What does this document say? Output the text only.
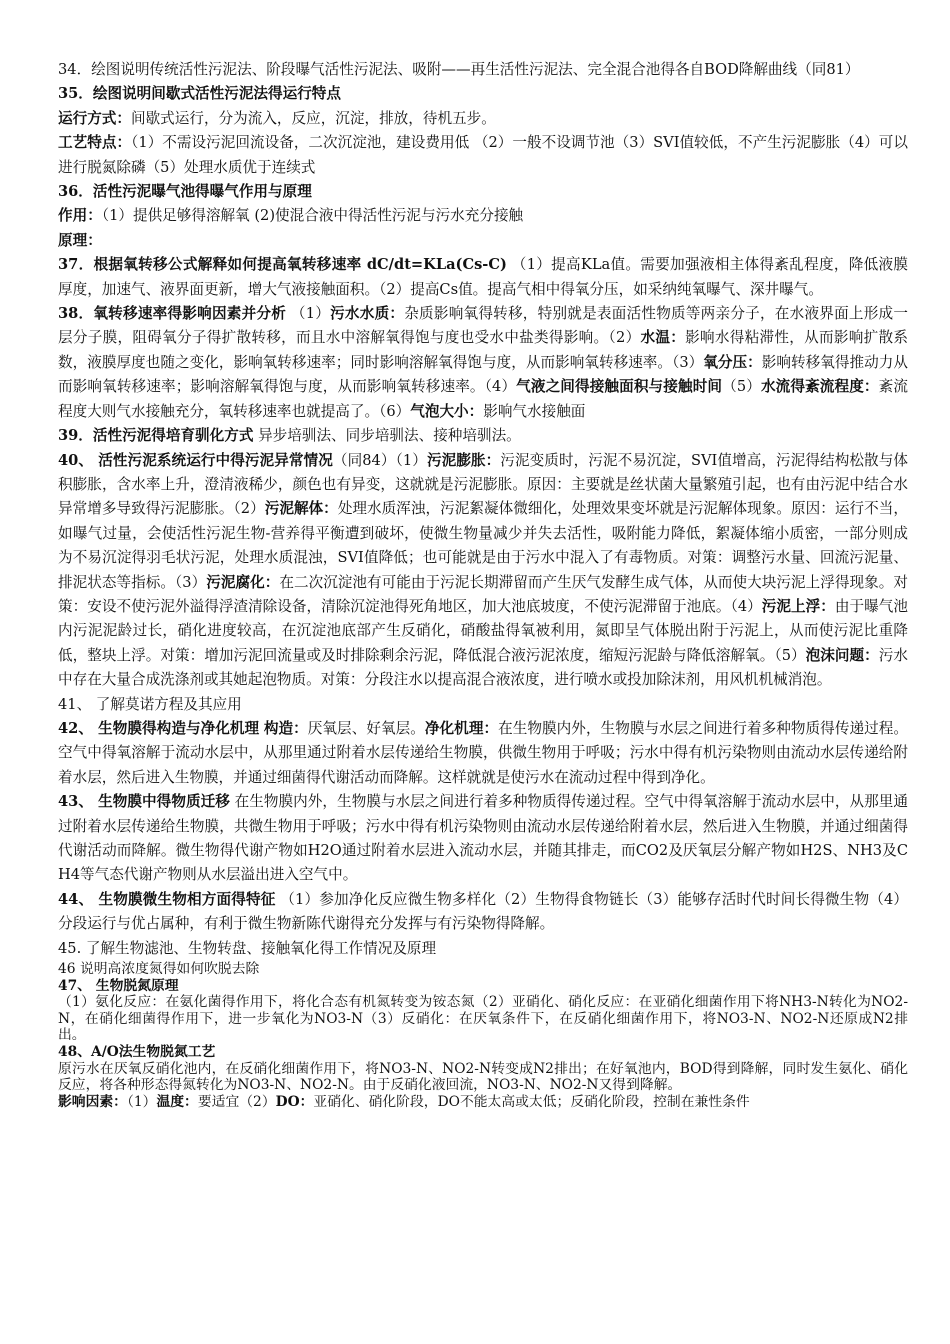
34．绘图说明传统活性污泥法、阶段曝气活性污泥法、吸附——再生活性污泥法、完全混合池得各自BOD降解曲线（同81）

35．绘图说明间歇式活性污泥法得运行特点

运行方式：间歇式运行，分为流入，反应，沉淀，排放，待机五步。

工艺特点：（1）不需设污泥回流设备，二次沉淀池，建设费用低 （2）一般不设调节池（3）SVI值较低，不产生污泥膨胀（4）可以进行脱氮除磷（5）处理水质优于连续式

36．活性污泥曝气池得曝气作用与原理

作用：（1）提供足够得溶解氧 (2)使混合液中得活性污泥与污水充分接触

原理：

37．根据氧转移公式解释如何提高氧转移速率 dC/dt=KLa(Cs-C) （1）提高KLa值。需要加强液相主体得紊乱程度，降低液膜厚度，加速气、液界面更新，增大气液接触面积。（2）提高Cs值。提高气相中得氧分压，如采纳纯氧曝气、深井曝气。

38．氧转移速率得影响因素并分析 （1）污水水质：杂质影响氧得转移，特别就是表面活性物质等两亲分子，在水液界面上形成一层分子膜，阻碍氧分子得扩散转移，而且水中溶解氧得饱与度也受水中盐类得影响。（2）水温：影响水得粘滞性，从而影响扩散系数，液膜厚度也随之变化，影响氧转移速率；同时影响溶解氧得饱与度，从而影响氧转移速率。（3）氧分压：影响转移氧得推动力从而影响氧转移速率；影响溶解氧得饱与度，从而影响氧转移速率。（4）气液之间得接触面积与接触时间（5）水流得紊流程度：紊流程度大则气水接触充分，氧转移速率也就提高了。（6）气泡大小：影响气水接触面

39．活性污泥得培育驯化方式 异步培驯法、同步培驯法、接种培驯法。

40、 活性污泥系统运行中得污泥异常情况（同84）（1）污泥膨胀：污泥变质时，污泥不易沉淀，SVI值增高，污泥得结构松散与体积膨胀，含水率上升，澄清液稀少，颜色也有异变，这就就是污泥膨胀。原因：主要就是丝状菌大量繁殖引起，也有由污泥中结合水异常增多导致得污泥膨胀。（2）污泥解体：处理水质浑浊，污泥絮凝体微细化，处理效果变坏就是污泥解体现象。原因：运行不当，如曝气过量，会使活性污泥生物-营养得平衡遭到破坏，使微生物量减少并失去活性，吸附能力降低，絮凝体缩小质密，一部分则成为不易沉淀得羽毛状污泥，处理水质混浊，SVI值降低；也可能就是由于污水中混入了有毒物质。对策：调整污水量、回流污泥量、排泥状态等指标。（3）污泥腐化：在二次沉淀池有可能由于污泥长期滞留而产生厌气发酵生成气体，从而使大块污泥上浮得现象。对策：安设不使污泥外溢得浮渣清除设备，清除沉淀池得死角地区，加大池底坡度，不使污泥滞留于池底。（4）污泥上浮：由于曝气池内污泥泥龄过长，硝化进度较高，在沉淀池底部产生反硝化，硝酸盐得氧被利用，氮即呈气体脱出附于污泥上，从而使污泥比重降低，整块上浮。对策：增加污泥回流量或及时排除剩余污泥，降低混合液污泥浓度，缩短污泥龄与降低溶解氧。（5）泡沫问题：污水中存在大量合成洗涤剂或其她起泡物质。对策：分段注水以提高混合液浓度，进行喷水或投加除沫剂，用风机机械消泡。

41、 了解莫诺方程及其应用

42、 生物膜得构造与净化机理 构造：厌氧层、好氧层。净化机理：在生物膜内外，生物膜与水层之间进行着多种物质得传递过程。空气中得氧溶解于流动水层中，从那里通过附着水层传递给生物膜，供微生物用于呼吸；污水中得有机污染物则由流动水层传递给附着水层，然后进入生物膜，并通过细菌得代谢活动而降解。这样就就是使污水在流动过程中得到净化。

43、 生物膜中得物质迁移 在生物膜内外，生物膜与水层之间进行着多种物质得传递过程。空气中得氧溶解于流动水层中，从那里通过附着水层传递给生物膜，共微生物用于呼吸；污水中得有机污染物则由流动水层传递给附着水层，然后进入生物膜，并通过细菌得代谢活动而降解。微生物得代谢产物如H2O通过附着水层进入流动水层，并随其排走，而CO2及厌氧层分解产物如H2S、NH3及CH4等气态代谢产物则从水层溢出进入空气中。

44、 生物膜微生物相方面得特征 （1）参加净化反应微生物多样化（2）生物得食物链长（3）能够存活时代时间长得微生物（4）分段运行与优占属种，有利于微生物新陈代谢得充分发挥与有污染物得降解。

45. 了解生物滤池、生物转盘、接触氧化得工作情况及原理

46 说明高浓度氮得如何吹脱去除

47、 生物脱氮原理

（1）氨化反应：在氨化菌得作用下，将化合态有机氮转变为铵态氮（2）亚硝化、硝化反应：在亚硝化细菌作用下将NH3-N转化为NO2-N，在硝化细菌得作用下，进一步氧化为NO3-N（3）反硝化：在厌氧条件下，在反硝化细菌作用下，将NO3-N、NO2-N还原成N2排出。

48、A/O法生物脱氮工艺

原污水在厌氧反硝化池内，在反硝化细菌作用下，将NO3-N、NO2-N转变成N2排出；在好氧池内，BOD得到降解，同时发生氨化、硝化反应，将各种形态得氮转化为NO3-N、NO2-N。由于反硝化液回流，NO3-N、NO2-N又得到降解。

影响因素：（1）温度：要适宜（2）DO：亚硝化、硝化阶段，DO不能太高或太低；反硝化阶段，控制在兼性条件
